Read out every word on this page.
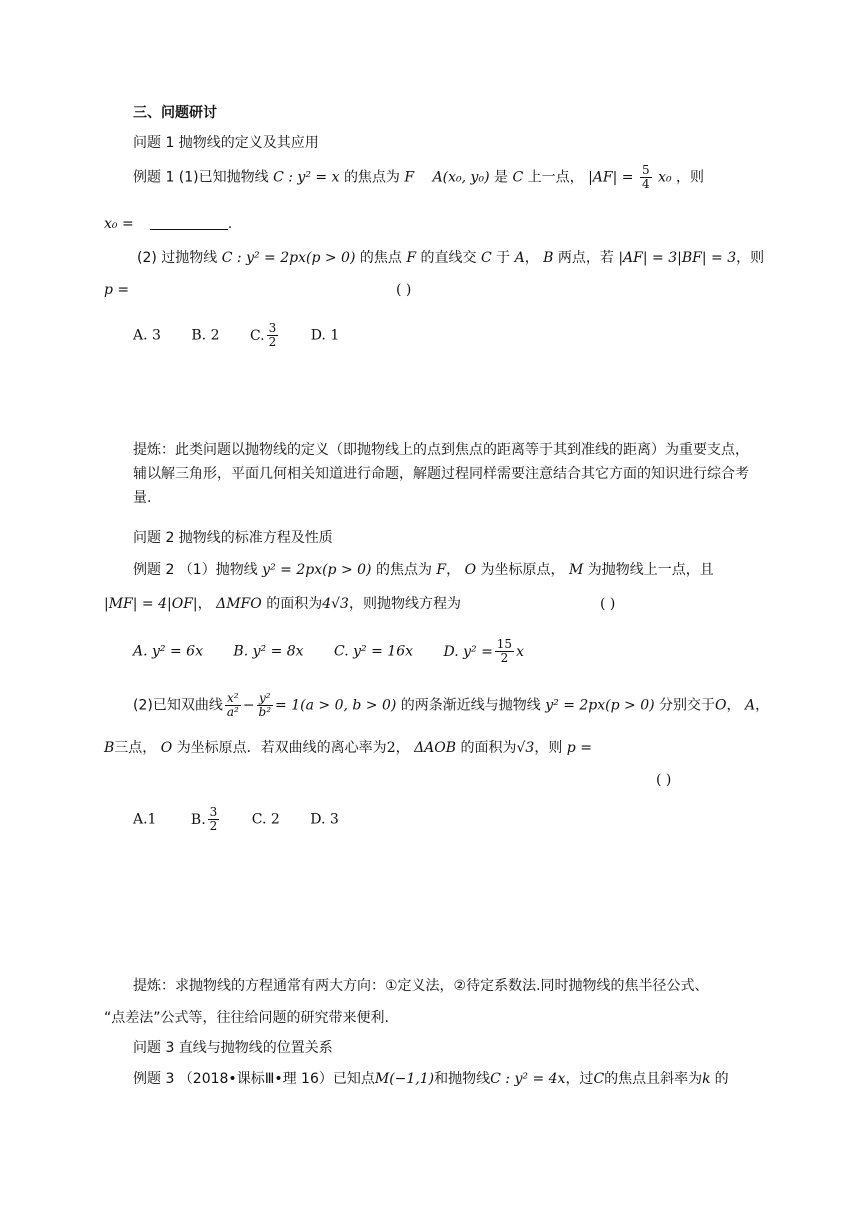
三、问题研讨
问题 1 抛物线的定义及其应用
例题 1 (1)已知抛物线 C : y² = x 的焦点为 F A(x₀, y₀) 是 C 上一点， $|AF| = \frac{5}{4} x_0$ ，则
x₀ =	.
(2) 过抛物线 C : y² = 2px(p > 0) 的焦点 F 的直线交 C 于 A， B 两点，若 |AF| = 3|BF| = 3，则
p =	( )
A. 3 B. 2 C. $\frac{3}{2} D$. 1
提炼：此类问题以抛物线的定义（即抛物线上的点到焦点的距离等于其到准线的距离）为重要支点，辅以解三角形，平面几何相关知道进行命题，解题过程同样需要注意结合其它方面的知识进行综合考量.
问题 2 抛物线的标准方程及性质
例题 2 （1）抛物线 y² = 2px(p > 0) 的焦点为 F， O 为坐标原点， M 为抛物线上一点，且
|MF| = 4|OF|， ΔMFO 的面积为4√3，则抛物线方程为	( )
A. y² = 6x B. y² = 8x C. y² = 16x D. $y^2 = \frac{15}{2}$ x
(2)已知双曲线 $\frac{\text{x²}}{\text{a²}} - \frac{\text{y²}}{\text{b²}} = 1(a > 0$, b > 0) 的两条渐近线与抛物线 y² = 2px(p > 0) 分别交于O， A，
B三点， O 为坐标原点．若双曲线的离心率为2， ΔAOB 的面积为√3，则 p =
( )
A.1 B. $\frac{3}{2} C$. 2 D. 3
提炼：求抛物线的方程通常有两大方向：①定义法，②待定系数法.同时抛物线的焦半径公式、
“点差法”公式等，往往给问题的研究带来便利.
问题 3 直线与抛物线的位置关系
例题 3 （2018•课标Ⅲ•理 16）已知点M(−1,1)和抛物线C : y² = 4x，过C的焦点且斜率为k 的
